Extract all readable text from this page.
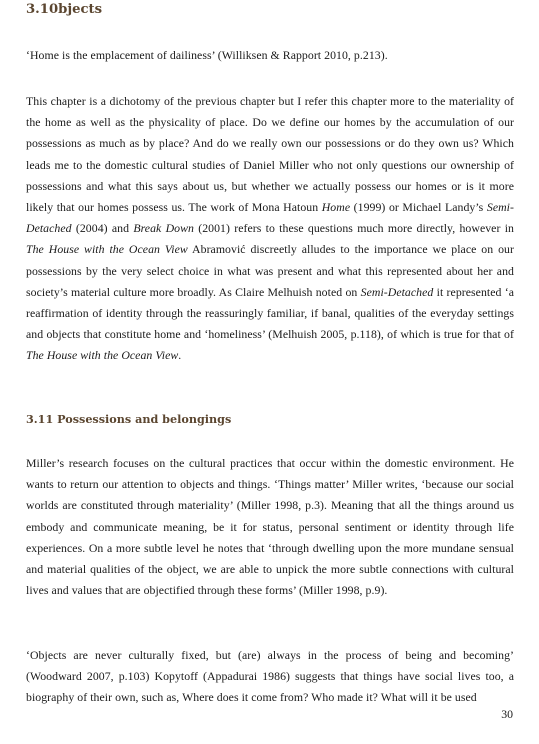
3.10bjects

‘Home is the emplacement of dailiness’ (Williksen & Rapport 2010, p.213).

This chapter is a dichotomy of the previous chapter but I refer this chapter more to the materiality of the home as well as the physicality of place. Do we define our homes by the accumulation of our possessions as much as by place? And do we really own our possessions or do they own us? Which leads me to the domestic cultural studies of Daniel Miller who not only questions our ownership of possessions and what this says about us, but whether we actually possess our homes or is it more likely that our homes possess us. The work of Mona Hatoun Home (1999) or Michael Landy’s Semi-Detached (2004) and Break Down (2001) refers to these questions much more directly, however in The House with the Ocean View Abramović discreetly alludes to the importance we place on our possessions by the very select choice in what was present and what this represented about her and society’s material culture more broadly. As Claire Melhuish noted on Semi-Detached it represented ‘a reaffirmation of identity through the reassuringly familiar, if banal, qualities of the everyday settings and objects that constitute home and ‘homeliness’ (Melhuish 2005, p.118), of which is true for that of The House with the Ocean View.

3.11 Possessions and belongings

Miller’s research focuses on the cultural practices that occur within the domestic environment. He wants to return our attention to objects and things. ‘Things matter’ Miller writes, ‘because our social worlds are constituted through materiality’ (Miller 1998, p.3). Meaning that all the things around us embody and communicate meaning, be it for status, personal sentiment or identity through life experiences. On a more subtle level he notes that ‘through dwelling upon the more mundane sensual and material qualities of the object, we are able to unpick the more subtle connections with cultural lives and values that are objectified through these forms’ (Miller 1998, p.9).

‘Objects are never culturally fixed, but (are) always in the process of being and becoming’ (Woodward 2007, p.103) Kopytoff (Appadurai 1986) suggests that things have social lives too, a biography of their own, such as, Where does it come from? Who made it? What will it be used

30
